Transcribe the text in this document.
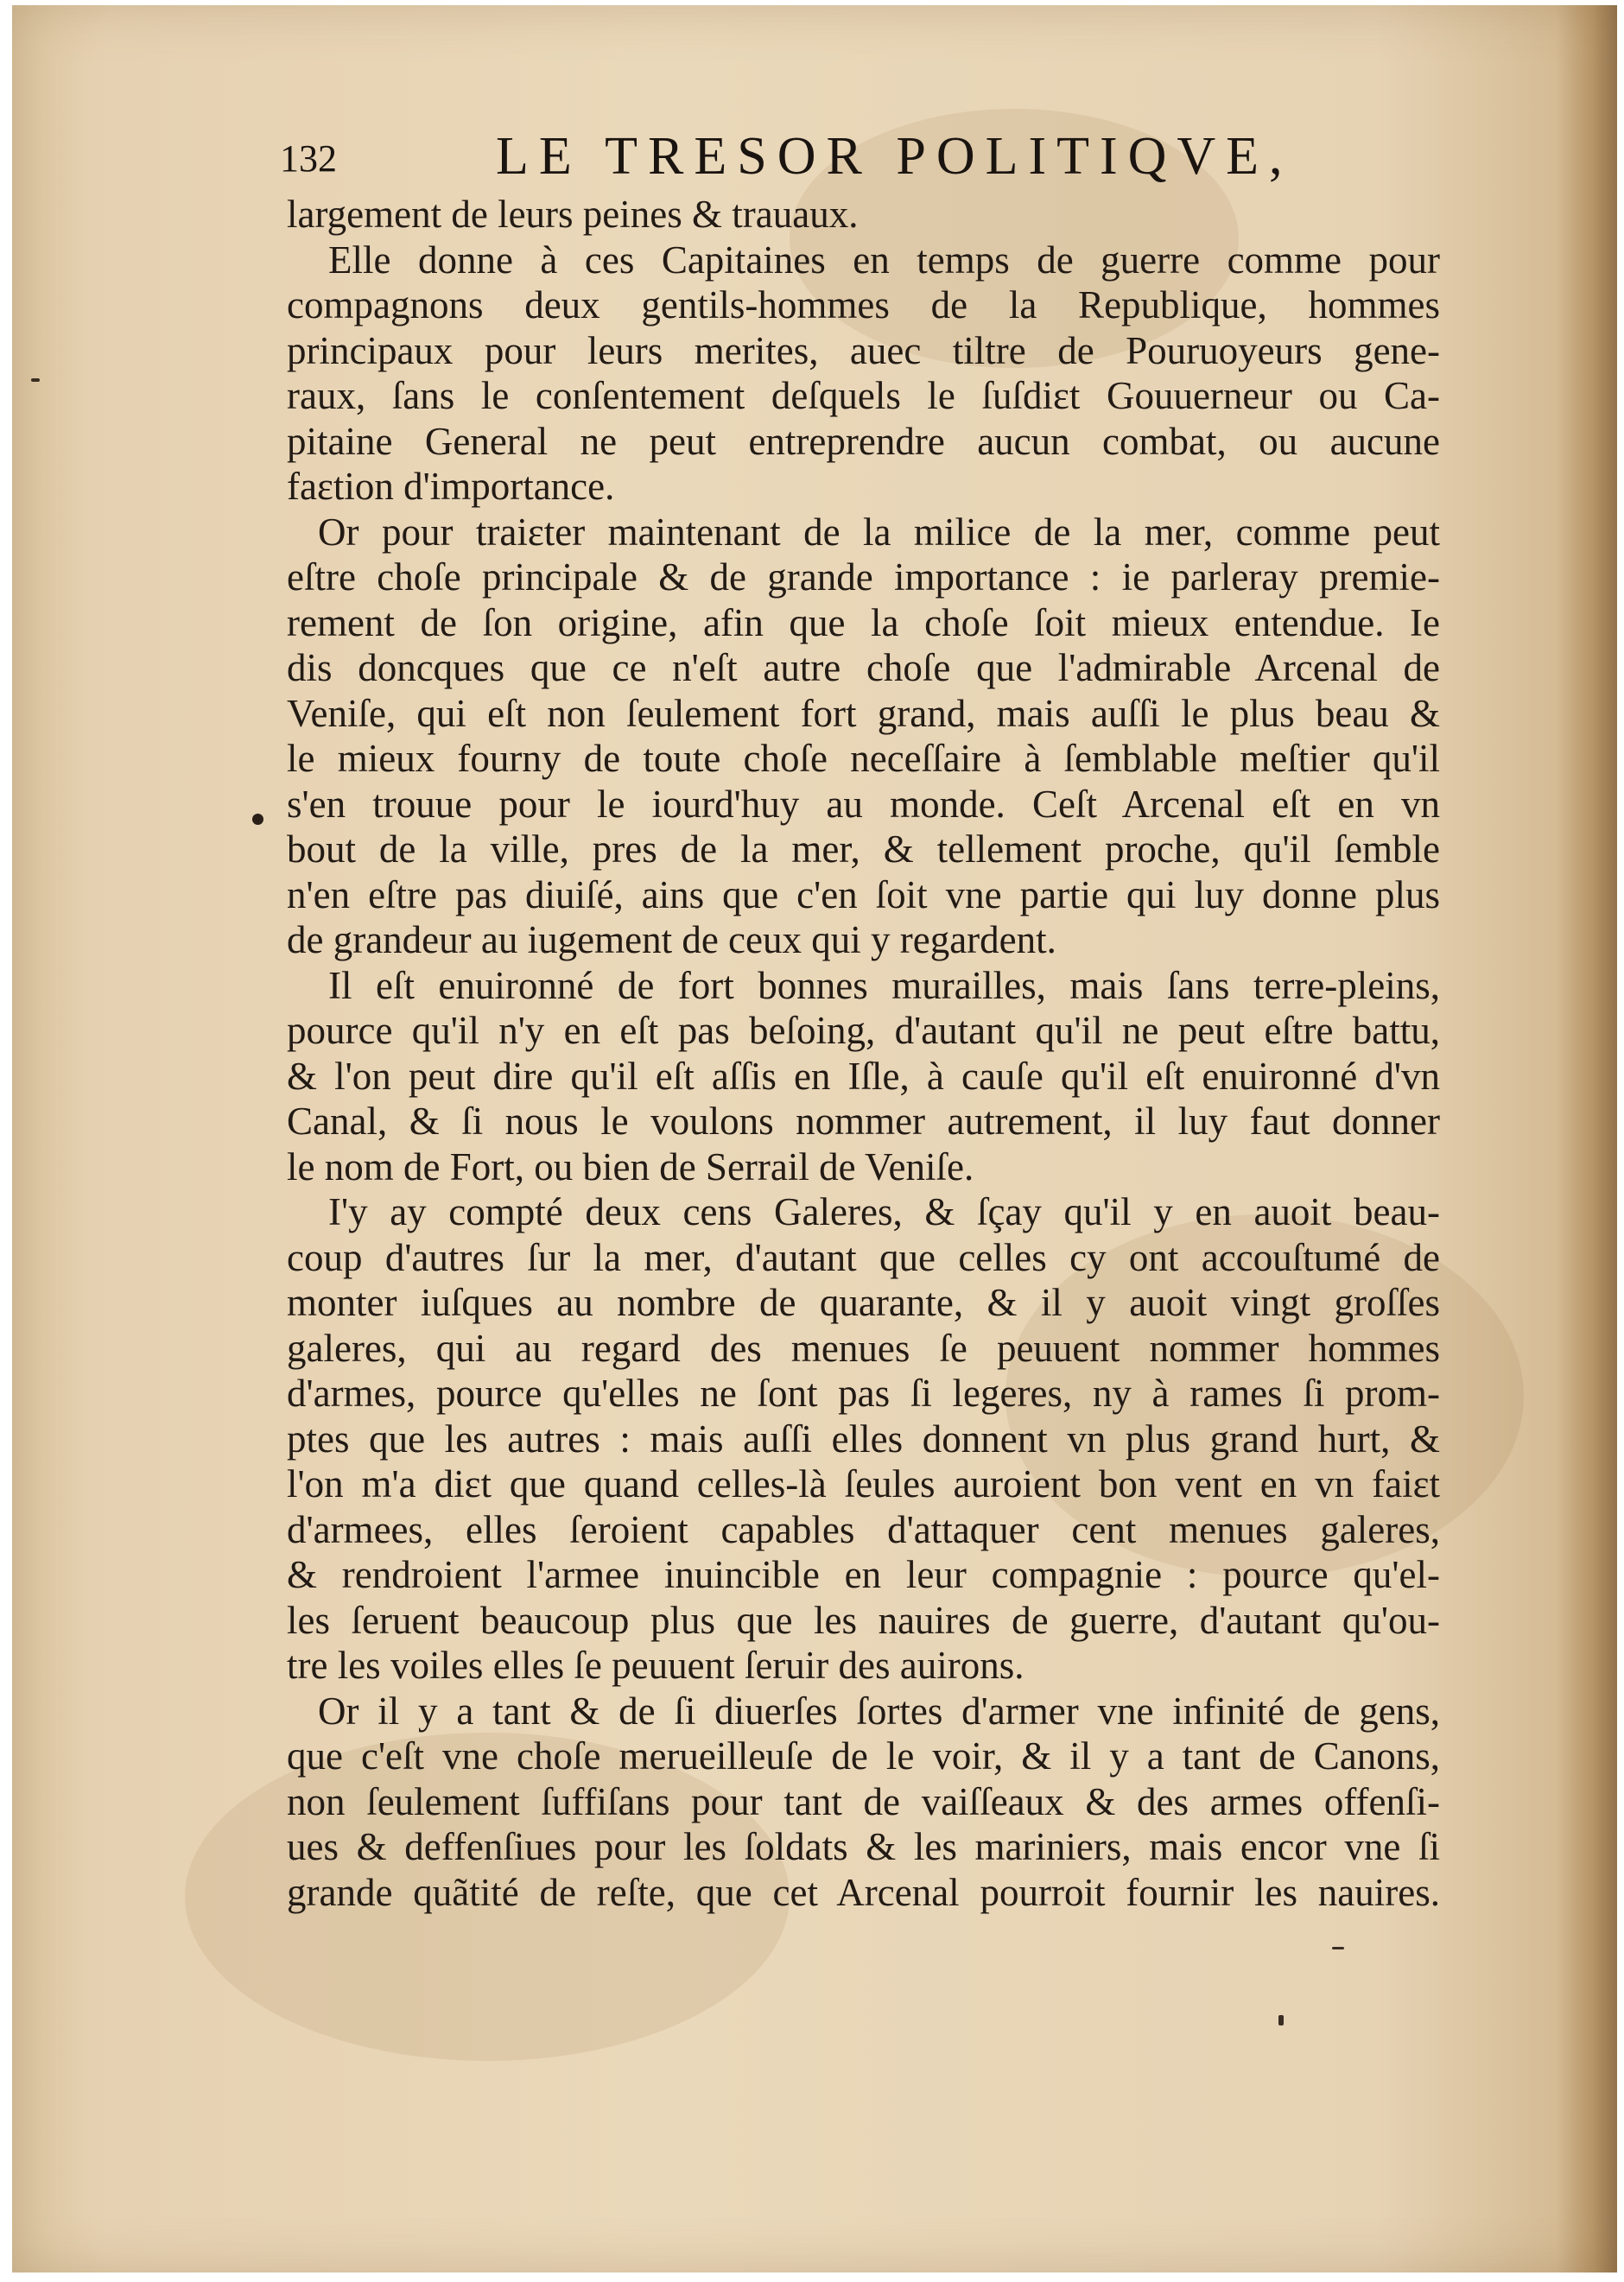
132	LE TRESOR POLITIQVE,
largement de leurs peines & trauaux.
Elle donne à ces Capitaines en temps de guerre comme pour
compagnons deux gentils-hommes de la Republique, hommes
principaux pour leurs merites, auec tiltre de Pouruoyeurs gene-
raux, ſans le conſentement deſquels le ſuſdiɛt Gouuerneur ou Ca-
pitaine General ne peut entreprendre aucun combat, ou aucune
faɛtion d'importance.
Or pour traiɛter maintenant de la milice de la mer, comme peut
eſtre choſe principale & de grande importance : ie parleray premie-
rement de ſon origine, afin que la choſe ſoit mieux entendue. Ie
dis doncques que ce n'eſt autre choſe que l'admirable Arcenal de
Veniſe, qui eſt non ſeulement fort grand, mais auſſi le plus beau &
le mieux fourny de toute choſe neceſſaire à ſemblable meſtier qu'il
s'en trouue pour le iourd'huy au monde. Ceſt Arcenal eſt en vn
bout de la ville, pres de la mer, & tellement proche, qu'il ſemble
n'en eſtre pas diuiſé, ains que c'en ſoit vne partie qui luy donne plus
de grandeur au iugement de ceux qui y regardent.
Il eſt enuironné de fort bonnes murailles, mais ſans terre-pleins,
pource qu'il n'y en eſt pas beſoing, d'autant qu'il ne peut eſtre battu,
& l'on peut dire qu'il eſt aſſis en Iſle, à cauſe qu'il eſt enuironné d'vn
Canal, & ſi nous le voulons nommer autrement, il luy faut donner
le nom de Fort, ou bien de Serrail de Veniſe.
I'y ay compté deux cens Galeres, & ſçay qu'il y en auoit beau-
coup d'autres ſur la mer, d'autant que celles cy ont accouſtumé de
monter iuſques au nombre de quarante, & il y auoit vingt groſſes
galeres, qui au regard des menues ſe peuuent nommer hommes
d'armes, pource qu'elles ne ſont pas ſi legeres, ny à rames ſi prom-
ptes que les autres : mais auſſi elles donnent vn plus grand hurt, &
l'on m'a diɛt que quand celles-là ſeules auroient bon vent en vn faiɛt
d'armees, elles ſeroient capables d'attaquer cent menues galeres,
& rendroient l'armee inuincible en leur compagnie : pource qu'el-
les ſeruent beaucoup plus que les nauires de guerre, d'autant qu'ou-
tre les voiles elles ſe peuuent ſeruir des auirons.
Or il y a tant & de ſi diuerſes ſortes d'armer vne infinité de gens,
que c'eſt vne choſe merueilleuſe de le voir, & il y a tant de Canons,
non ſeulement ſuffiſans pour tant de vaiſſeaux & des armes offenſi-
ues & deffenſiues pour les ſoldats & les mariniers, mais encor vne ſi
grande quãtité de reſte, que cet Arcenal pourroit fournir les nauires.
